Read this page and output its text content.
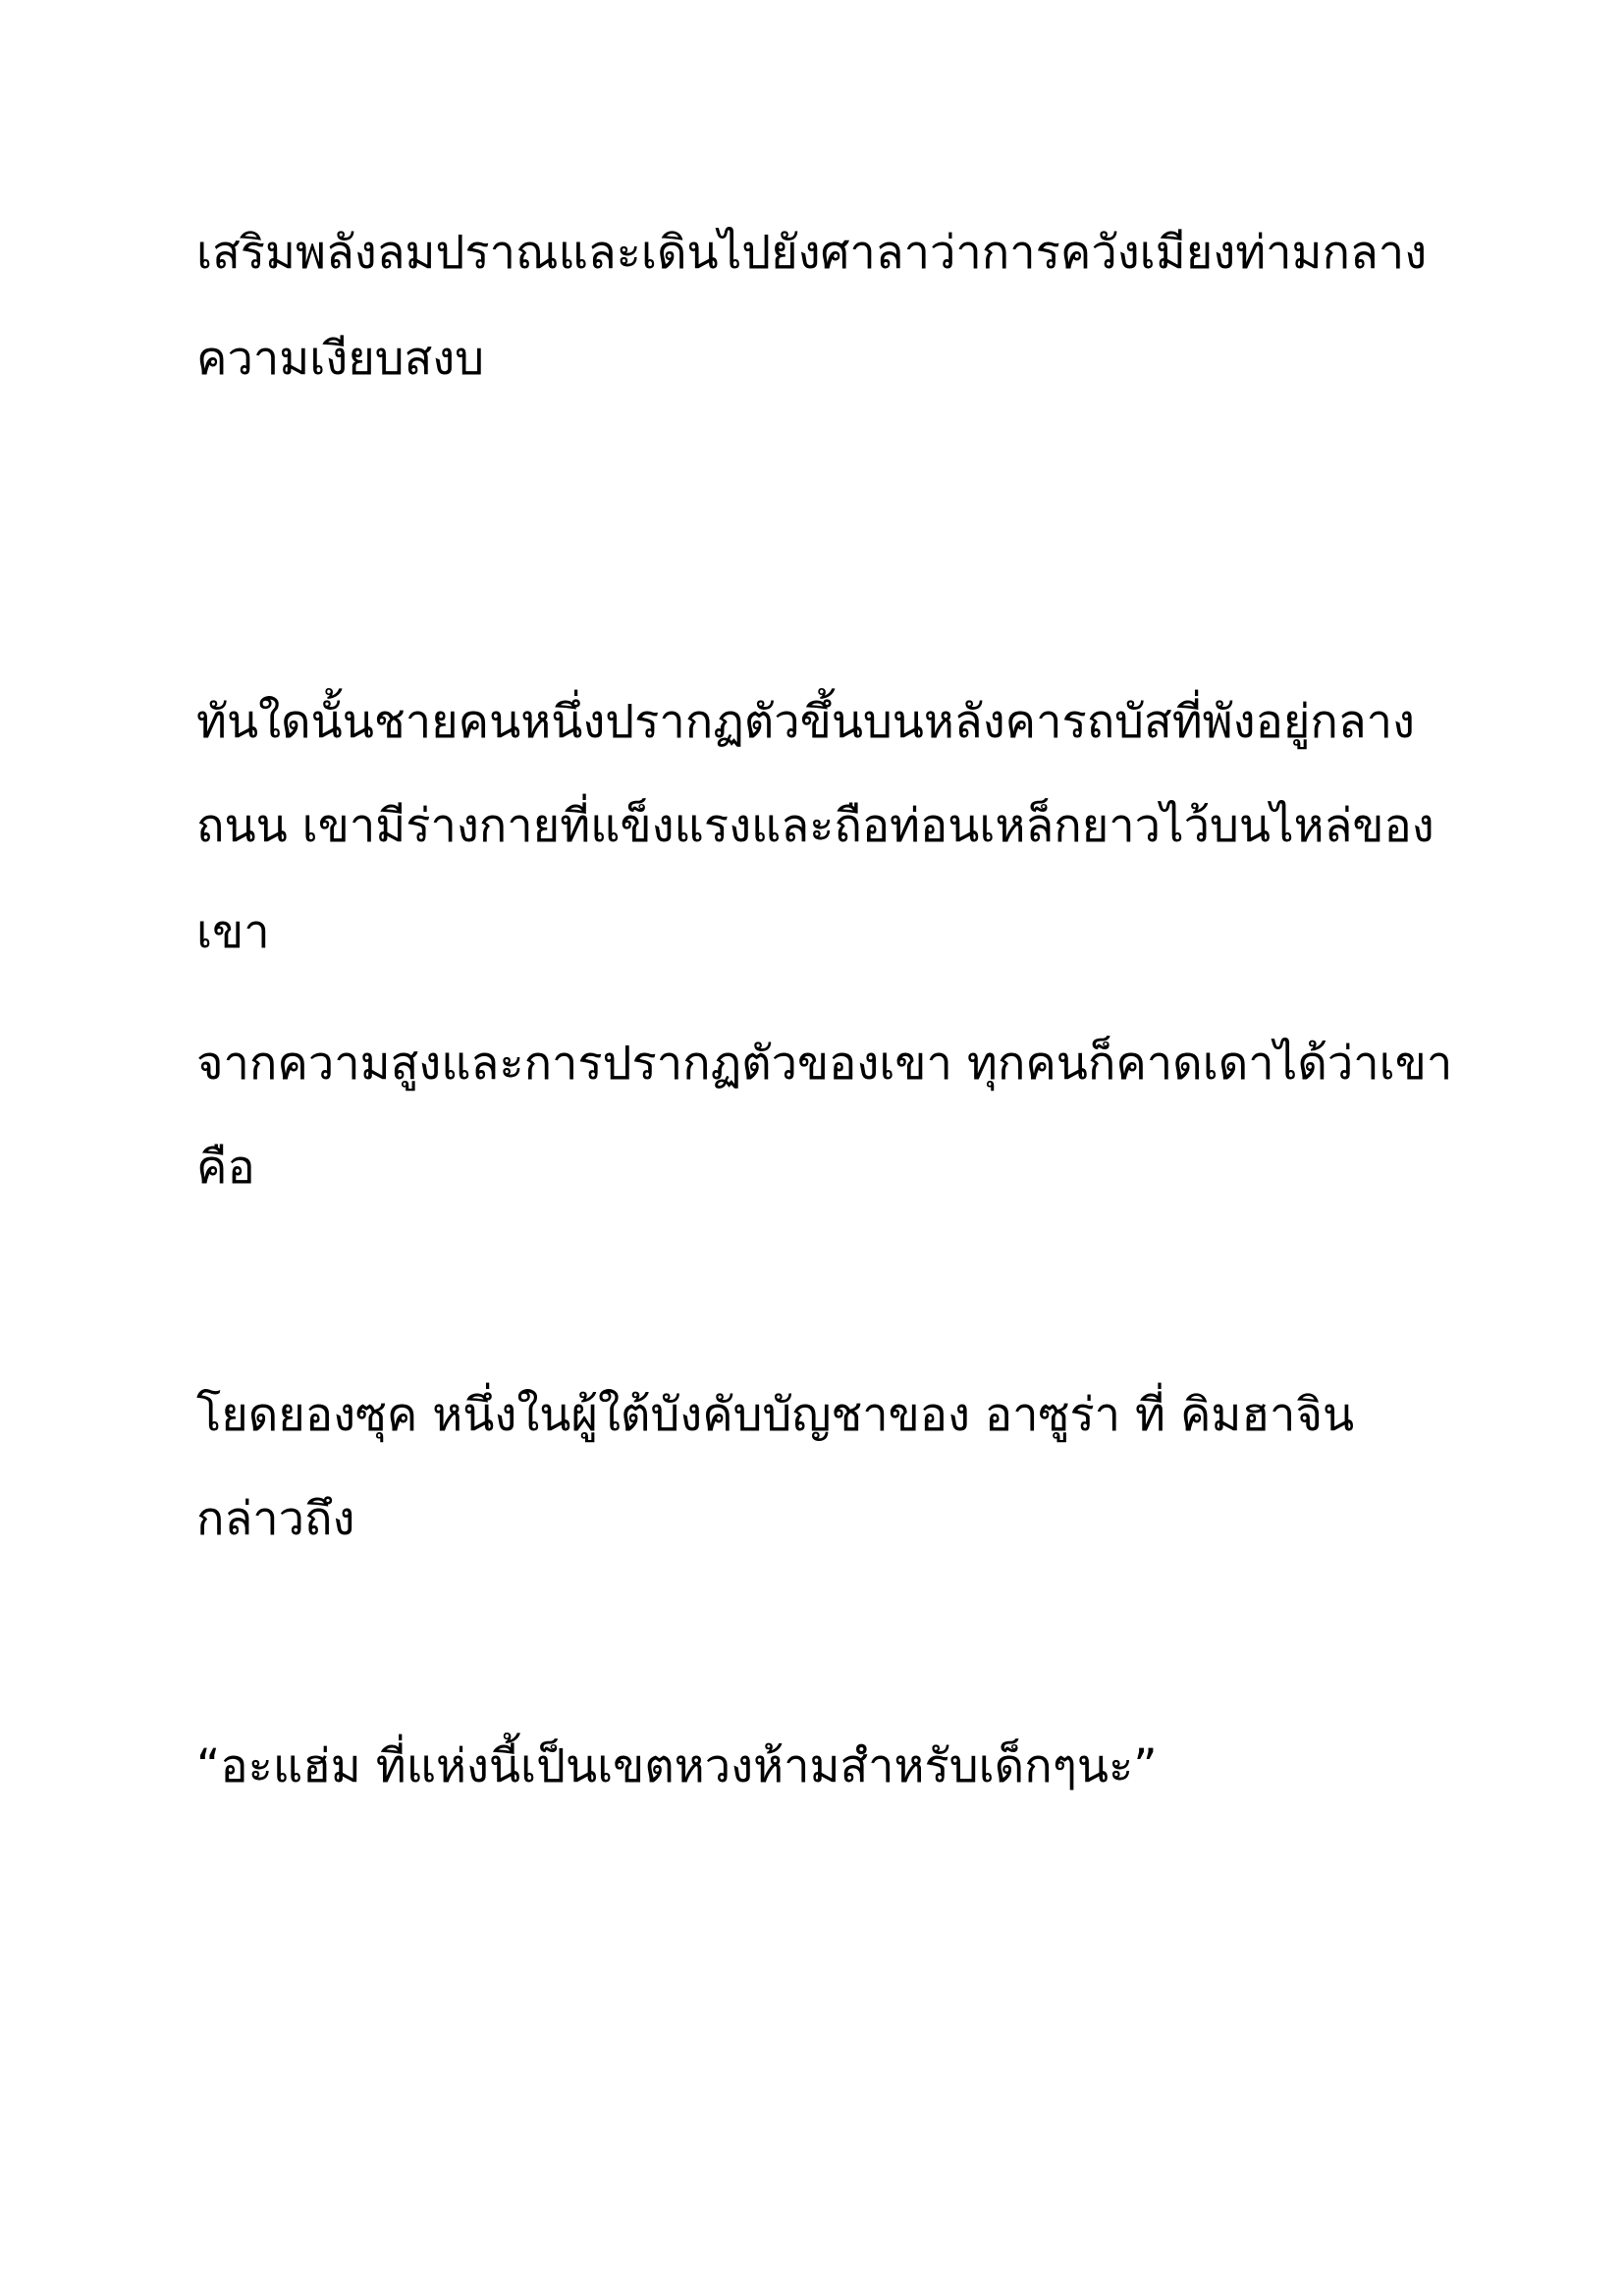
เสริมพลังลมปราณและเดินไปยังศาลาว่าการควังเมียงท่ามกลาง
ความเงียบสงบ
ทันใดนั้นชายคนหนึ่งปรากฏตัวขึ้นบนหลังคารถบัสที่พังอยู่กลาง
ถนน เขามีร่างกายที่แข็งแรงและถือท่อนเหล็กยาวไว้บนไหล่ของ
เขา
จากความสูงและการปรากฏตัวของเขา ทุกคนก็คาดเดาได้ว่าเขา
คือ
โยดยองซุค หนึ่งในผู้ใต้บังคับบัญชาของ อาซูร่า ที่ คิมฮาจิน
กล่าวถึง
“อะแฮ่ม ที่แห่งนี้เป็นเขตหวงห้ามสำหรับเด็กๆนะ”
